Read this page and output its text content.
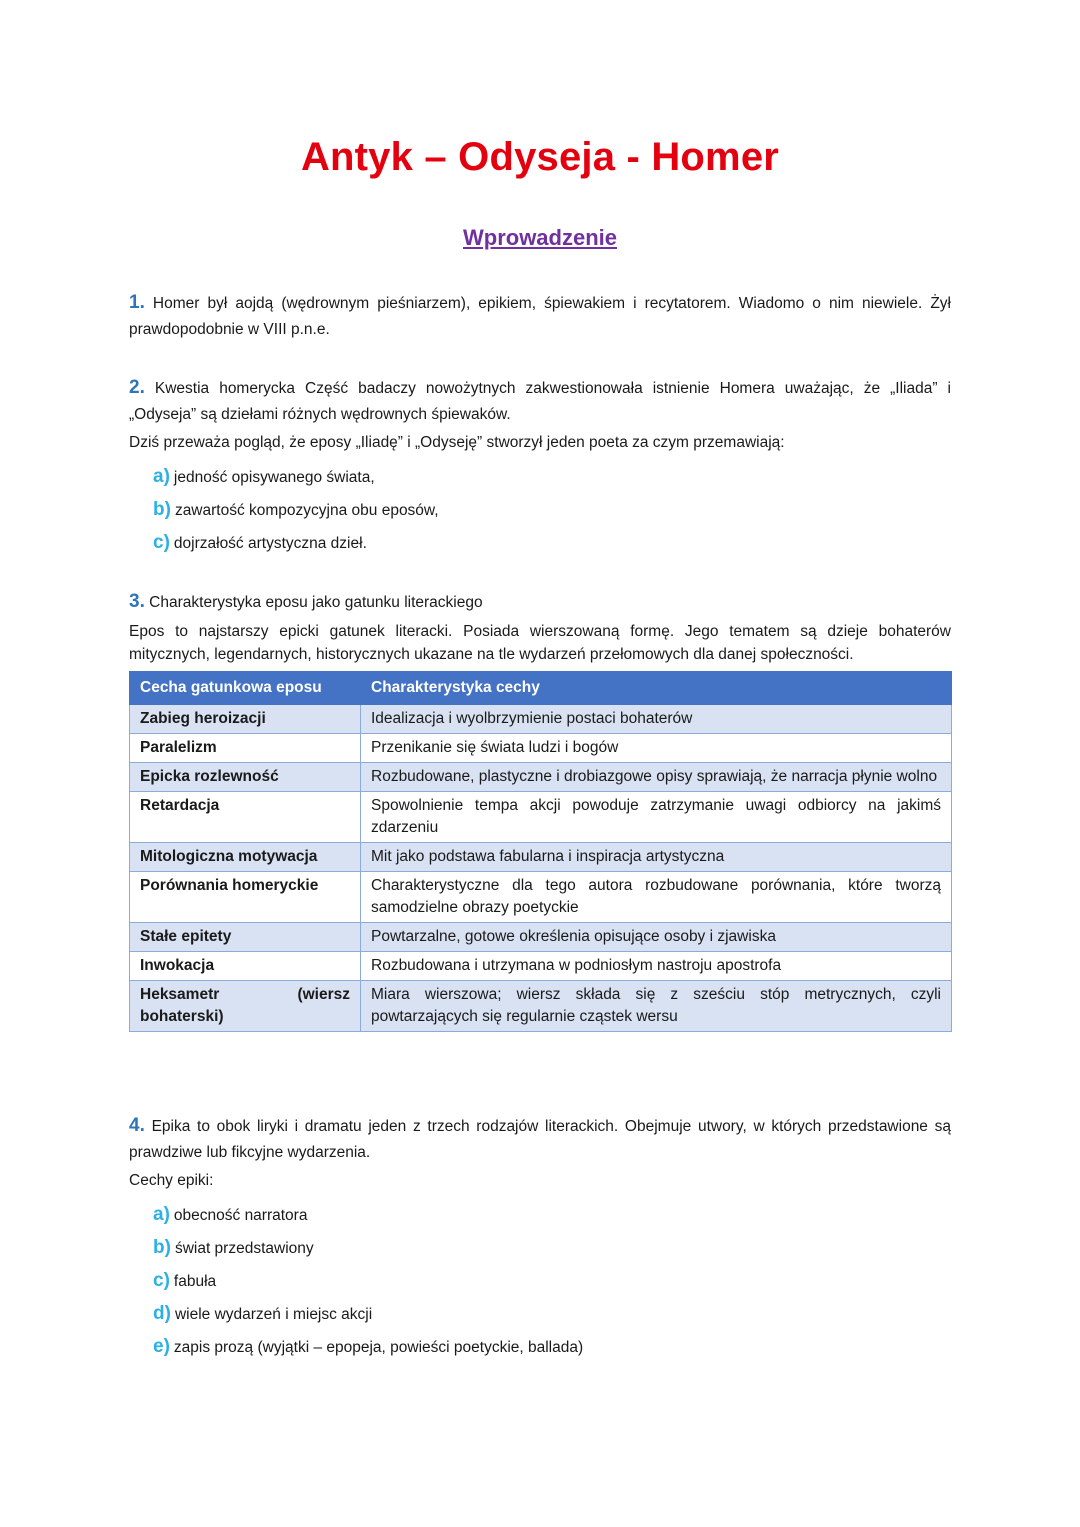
Antyk – Odyseja - Homer
Wprowadzenie

1. Homer był aojdą (wędrownym pieśniarzem), epikiem, śpiewakiem i recytatorem. Wiadomo o nim niewiele. Żył prawdopodobnie w VIII p.n.e.

2. Kwestia homerycka Część badaczy nowożytnych zakwestionowała istnienie Homera uważając, że „Iliada” i „Odyseja” są dziełami różnych wędrownych śpiewaków.

Dziś przeważa pogląd, że eposy „Iliadę” i „Odyseję” stworzył jeden poeta za czym przemawiają:

a) jedność opisywanego świata,
b) zawartość kompozycyjna obu eposów,
c) dojrzałość artystyczna dzieł.

3. Charakterystyka eposu jako gatunku literackiego

Epos to najstarszy epicki gatunek literacki. Posiada wierszowaną formę. Jego tematem są dzieje bohaterów mitycznych, legendarnych, historycznych ukazane na tle wydarzeń przełomowych dla danej społeczności.

Cecha gatunkowa eposu	Charakterystyka cechy
Zabieg heroizacji	Idealizacja i wyolbrzymienie postaci bohaterów
Paralelizm	Przenikanie się świata ludzi i bogów
Epicka rozlewność	Rozbudowane, plastyczne i drobiazgowe opisy sprawiają, że narracja płynie wolno
Retardacja	Spowolnienie tempa akcji powoduje zatrzymanie uwagi odbiorcy na jakimś zdarzeniu
Mitologiczna motywacja	Mit jako podstawa fabularna i inspiracja artystyczna
Porównania homeryckie	Charakterystyczne dla tego autora rozbudowane porównania, które tworzą samodzielne obrazy poetyckie
Stałe epitety	Powtarzalne, gotowe określenia opisujące osoby i zjawiska
Inwokacja	Rozbudowana i utrzymana w podniosłym nastroju apostrofa
Heksametr (wiersz bohaterski)	Miara wierszowa; wiersz składa się z sześciu stóp metrycznych, czyli powtarzających się regularnie cząstek wersu

4. Epika to obok liryki i dramatu jeden z trzech rodzajów literackich. Obejmuje utwory, w których przedstawione są prawdziwe lub fikcyjne wydarzenia.

Cechy epiki:

a) obecność narratora
b) świat przedstawiony
c) fabuła
d) wiele wydarzeń i miejsc akcji
e) zapis prozą (wyjątki – epopeja, powieści poetyckie, ballada)
